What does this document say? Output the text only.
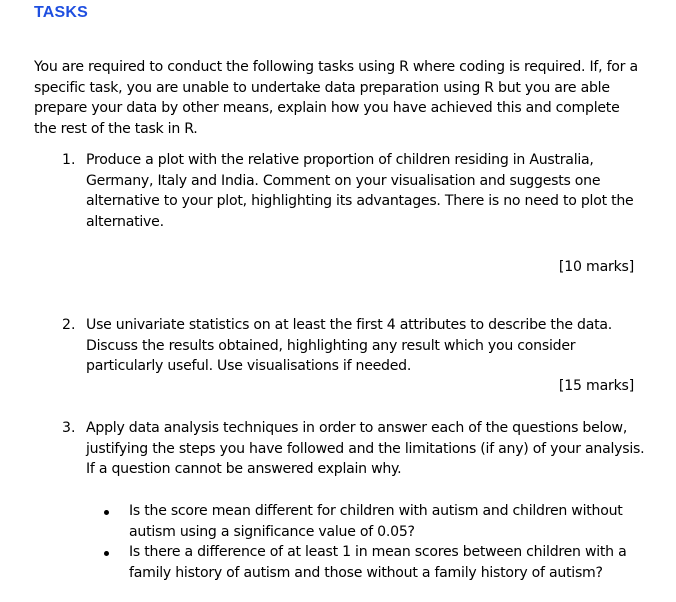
TASKS

You are required to conduct the following tasks using R where coding is required. If, for a specific task, you are unable to undertake data preparation using R but you are able prepare your data by other means, explain how you have achieved this and complete the rest of the task in R.

1. Produce a plot with the relative proportion of children residing in Australia, Germany, Italy and India. Comment on your visualisation and suggests one alternative to your plot, highlighting its advantages. There is no need to plot the alternative.

[10 marks]
2. Use univariate statistics on at least the first 4 attributes to describe the data. Discuss the results obtained, highlighting any result which you consider particularly useful. Use visualisations if needed.

[15 marks]
3. Apply data analysis techniques in order to answer each of the questions below, justifying the steps you have followed and the limitations (if any) of your analysis. If a question cannot be answered explain why.

Is the score mean different for children with autism and children without autism using a significance value of 0.05?

Is there a difference of at least 1 in mean scores between children with a family history of autism and those without a family history of autism?
